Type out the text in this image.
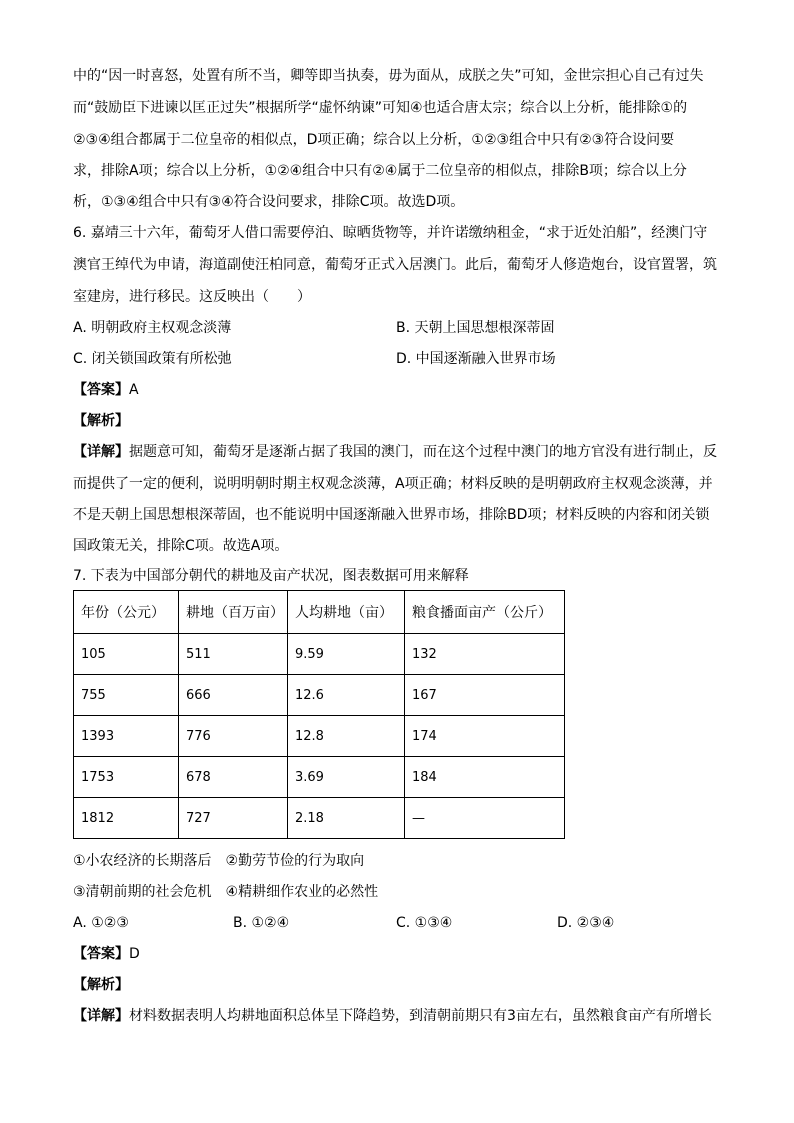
中的“因一时喜怒，处置有所不当，卿等即当执奏，毋为面从，成朕之失”可知，金世宗担心自己有过失
而“鼓励臣下进谏以匡正过失”根据所学“虚怀纳谏”可知④也适合唐太宗；综合以上分析，能排除①的
②③④组合都属于二位皇帝的相似点，D项正确；综合以上分析，①②③组合中只有②③符合设问要
求，排除A项；综合以上分析，①②④组合中只有②④属于二位皇帝的相似点，排除B项；综合以上分
析，①③④组合中只有③④符合设问要求，排除C项。故选D项。
6. 嘉靖三十六年，葡萄牙人借口需要停泊、晾晒货物等，并许诺缴纳租金，“求于近处泊船”，经澳门守
澳官王绰代为申请，海道副使汪柏同意，葡萄牙正式入居澳门。此后，葡萄牙人修造炮台，设官置署，筑
室建房，进行移民。这反映出（　　）
A. 明朝政府主权观念淡薄	B. 天朝上国思想根深蒂固
C. 闭关锁国政策有所松弛	D. 中国逐渐融入世界市场
【答案】A
【解析】
【详解】据题意可知，葡萄牙是逐渐占据了我国的澳门，而在这个过程中澳门的地方官没有进行制止，反
而提供了一定的便利，说明明朝时期主权观念淡薄，A项正确；材料反映的是明朝政府主权观念淡薄，并
不是天朝上国思想根深蒂固，也不能说明中国逐渐融入世界市场，排除BD项；材料反映的内容和闭关锁
国政策无关，排除C项。故选A项。
7. 下表为中国部分朝代的耕地及亩产状况，图表数据可用来解释
年份（公元）	耕地（百万亩）	人均耕地（亩）	粮食播面亩产（公斤）
105	511	9.59	132
755	666	12.6	167
1393	776	12.8	174
1753	678	3.69	184
1812	727	2.18	—
①小农经济的长期落后　②勤劳节俭的行为取向
③清朝前期的社会危机　④精耕细作农业的必然性
A. ①②③	B. ①②④	C. ①③④	D. ②③④
【答案】D
【解析】
【详解】材料数据表明人均耕地面积总体呈下降趋势，到清朝前期只有3亩左右，虽然粮食亩产有所增长
